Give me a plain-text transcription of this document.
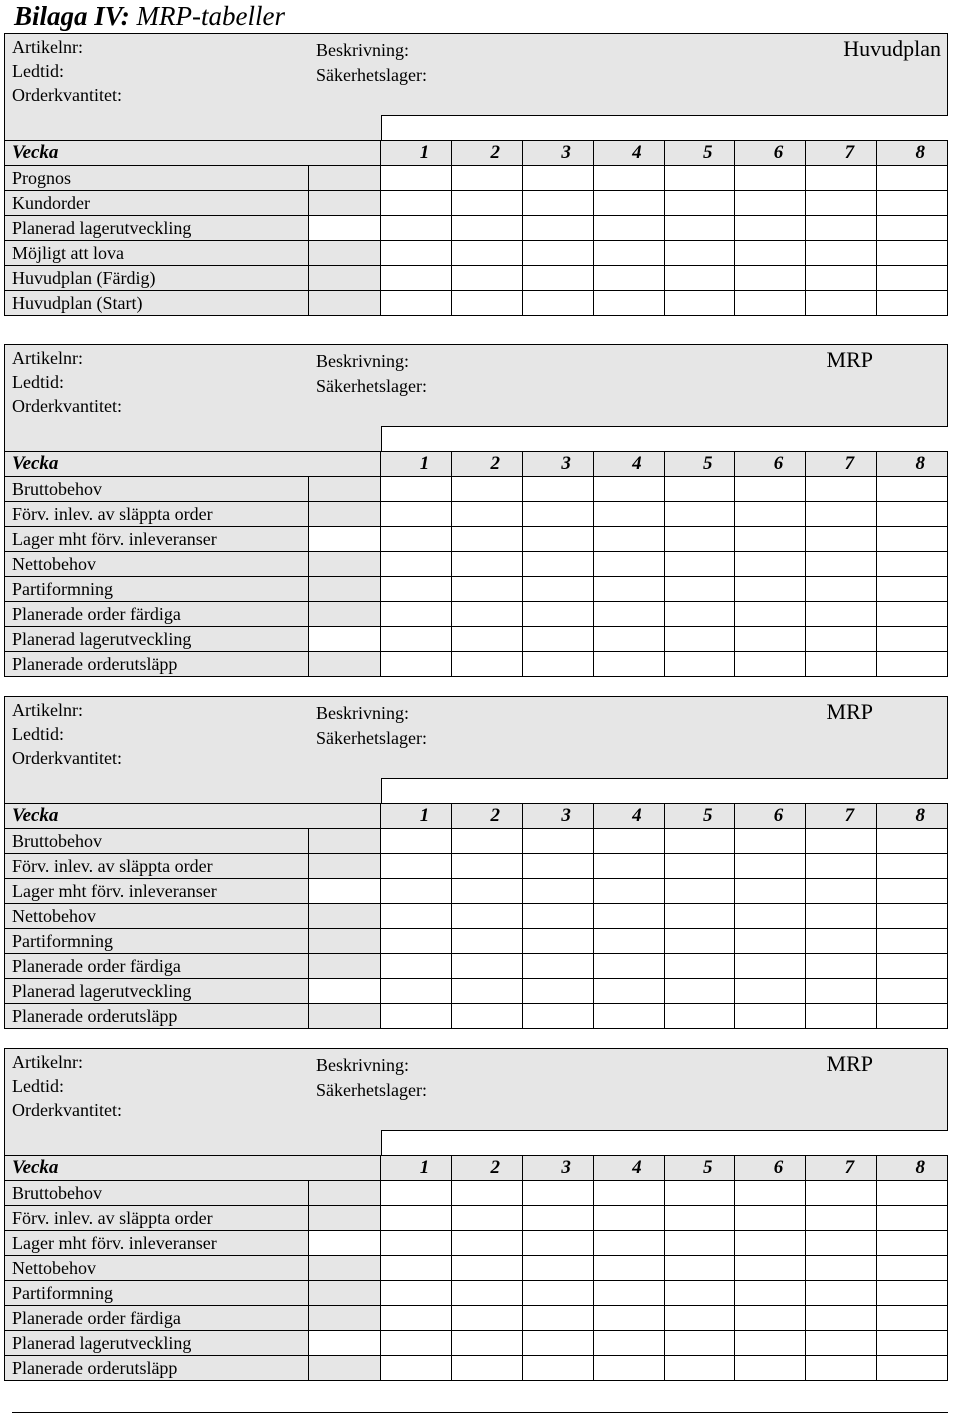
Bilaga IV: MRP-tabeller
Artikelnr:
Ledtid:
Orderkvantitet:
Beskrivning:
Säkerhetslager:
Huvudplan
Vecka		1	2	3	4	5	6	7	8
Prognos									
Kundorder									
Planerad lagerutveckling									
Möjligt att lova									
Huvudplan (Färdig)									
Huvudplan (Start)									
Artikelnr:
Ledtid:
Orderkvantitet:
Beskrivning:
Säkerhetslager:
MRP
Vecka		1	2	3	4	5	6	7	8
Bruttobehov									
Förv. inlev. av släppta order									
Lager mht förv. inleveranser									
Nettobehov									
Partiformning									
Planerade order färdiga									
Planerad lagerutveckling									
Planerade orderutsläpp									
Artikelnr:
Ledtid:
Orderkvantitet:
Beskrivning:
Säkerhetslager:
MRP
Vecka		1	2	3	4	5	6	7	8
Bruttobehov									
Förv. inlev. av släppta order									
Lager mht förv. inleveranser									
Nettobehov									
Partiformning									
Planerade order färdiga									
Planerad lagerutveckling									
Planerade orderutsläpp									
Artikelnr:
Ledtid:
Orderkvantitet:
Beskrivning:
Säkerhetslager:
MRP
Vecka		1	2	3	4	5	6	7	8
Bruttobehov									
Förv. inlev. av släppta order									
Lager mht förv. inleveranser									
Nettobehov									
Partiformning									
Planerade order färdiga									
Planerad lagerutveckling									
Planerade orderutsläpp									
